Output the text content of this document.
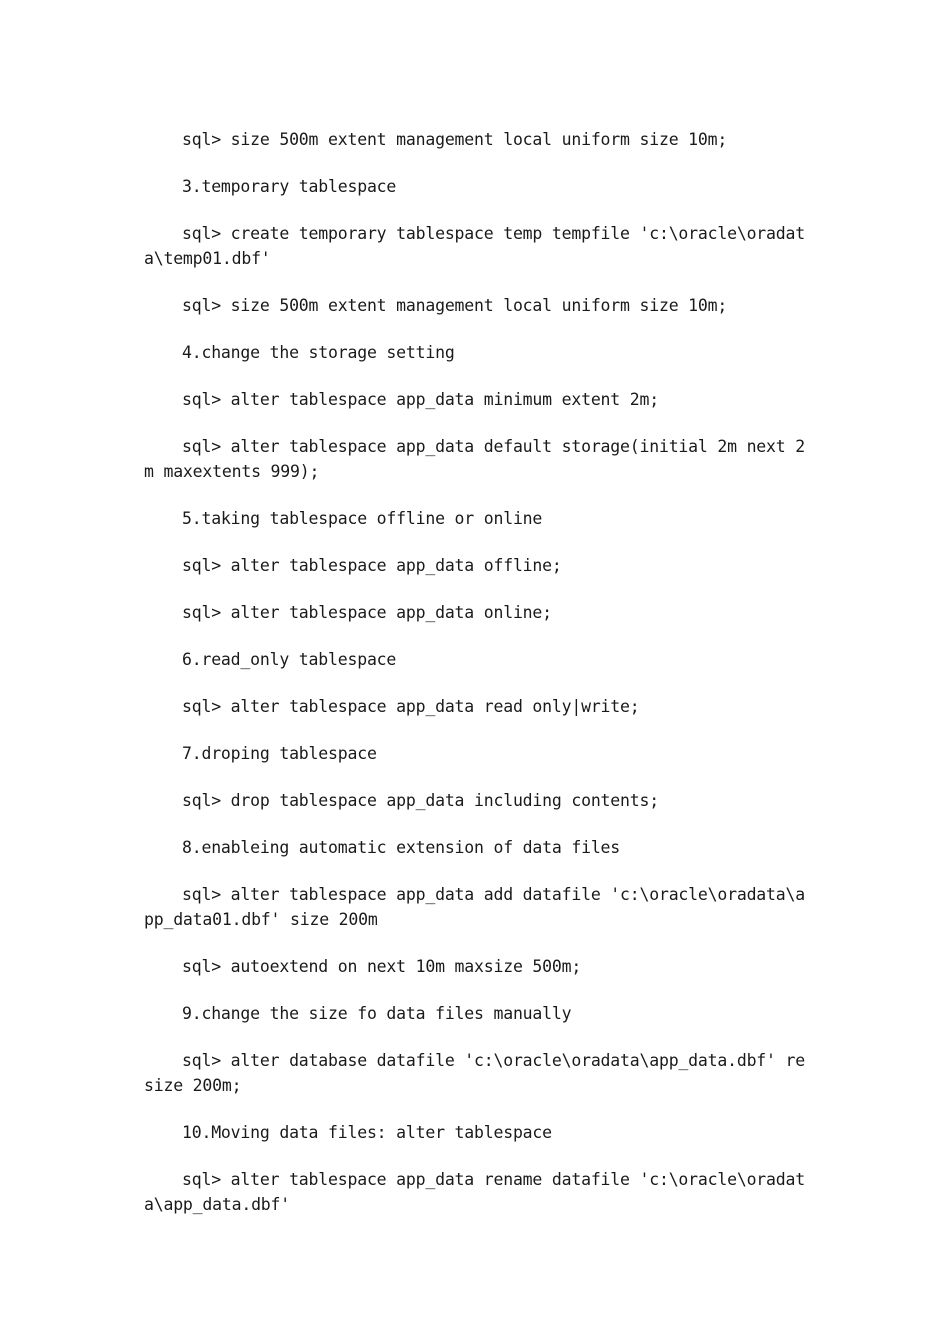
sql> size 500m extent management local uniform size 10m;

3.temporary tablespace

sql> create temporary tablespace temp tempfile 'c:\oracle\oradata\temp01.dbf'

sql> size 500m extent management local uniform size 10m;

4.change the storage setting

sql> alter tablespace app_data minimum extent 2m;

sql> alter tablespace app_data default storage(initial 2m next 2m maxextents 999);

5.taking tablespace offline or online

sql> alter tablespace app_data offline;

sql> alter tablespace app_data online;

6.read_only tablespace

sql> alter tablespace app_data read only|write;

7.droping tablespace

sql> drop tablespace app_data including contents;

8.enableing automatic extension of data files

sql> alter tablespace app_data add datafile 'c:\oracle\oradata\app_data01.dbf' size 200m

sql> autoextend on next 10m maxsize 500m;

9.change the size fo data files manually

sql> alter database datafile 'c:\oracle\oradata\app_data.dbf' resize 200m;

10.Moving data files: alter tablespace

sql> alter tablespace app_data rename datafile 'c:\oracle\oradata\app_data.dbf'
